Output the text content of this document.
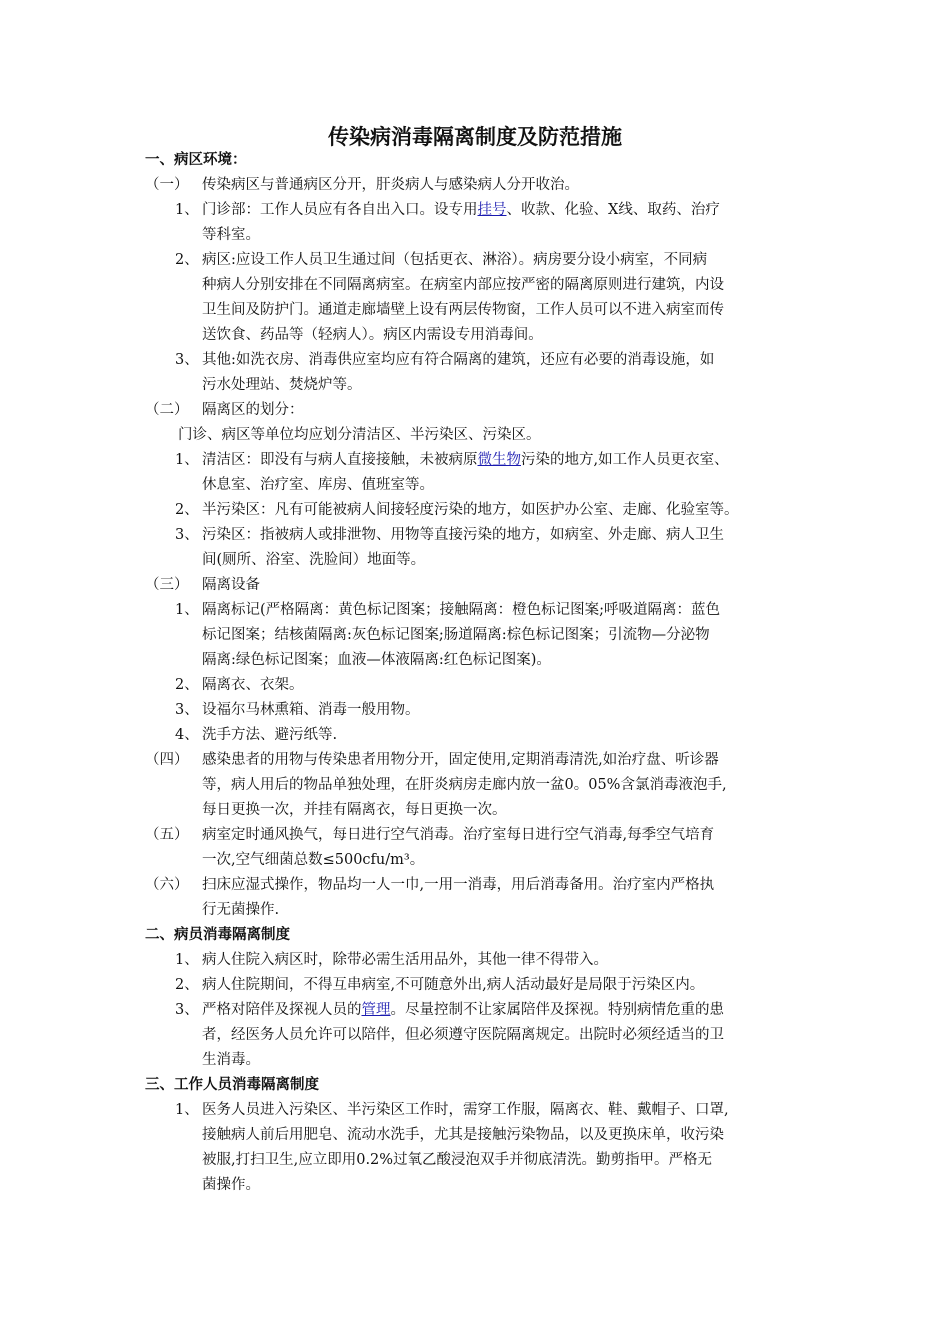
传染病消毒隔离制度及防范措施
一、病区环境：
（一） 传染病区与普通病区分开，肝炎病人与感染病人分开收治。
1、 门诊部：工作人员应有各自出入口。设专用挂号、收款、化验、X线、取药、治疗
等科室。
2、 病区:应设工作人员卫生通过间（包括更衣、淋浴）。病房要分设小病室，不同病
种病人分别安排在不同隔离病室。在病室内部应按严密的隔离原则进行建筑，内设
卫生间及防护门。通道走廊墙壁上设有两层传物窗，工作人员可以不进入病室而传
送饮食、药品等（轻病人）。病区内需设专用消毒间。
3、 其他:如洗衣房、消毒供应室均应有符合隔离的建筑，还应有必要的消毒设施，如
污水处理站、焚烧炉等。
（二） 隔离区的划分：
门诊、病区等单位均应划分清洁区、半污染区、污染区。
1、 清洁区：即没有与病人直接接触，未被病原微生物污染的地方,如工作人员更衣室、
休息室、治疗室、库房、值班室等。
2、 半污染区：凡有可能被病人间接轻度污染的地方，如医护办公室、走廊、化验室等。
3、 污染区：指被病人或排泄物、用物等直接污染的地方，如病室、外走廊、病人卫生
间(厕所、浴室、洗脸间）地面等。
（三） 隔离设备
1、 隔离标记(严格隔离：黄色标记图案；接触隔离：橙色标记图案;呼吸道隔离：蓝色
标记图案；结核菌隔离:灰色标记图案;肠道隔离:棕色标记图案；引流物—分泌物
隔离:绿色标记图案；血液—体液隔离:红色标记图案)。
2、 隔离衣、衣架。
3、 设福尔马林熏箱、消毒一般用物。
4、 洗手方法、避污纸等.
（四） 感染患者的用物与传染患者用物分开，固定使用,定期消毒清洗,如治疗盘、听诊器
等，病人用后的物品单独处理，在肝炎病房走廊内放一盆0。05%含氯消毒液泡手,
每日更换一次，并挂有隔离衣，每日更换一次。
（五） 病室定时通风换气，每日进行空气消毒。治疗室每日进行空气消毒,每季空气培育
一次,空气细菌总数≤500cfu/m³。
（六） 扫床应湿式操作，物品均一人一巾,一用一消毒，用后消毒备用。治疗室内严格执
行无菌操作.
二、病员消毒隔离制度
1、 病人住院入病区时，除带必需生活用品外，其他一律不得带入。
2、 病人住院期间，不得互串病室,不可随意外出,病人活动最好是局限于污染区内。
3、 严格对陪伴及探视人员的管理。尽量控制不让家属陪伴及探视。特别病情危重的患
者，经医务人员允许可以陪伴，但必须遵守医院隔离规定。出院时必须经适当的卫
生消毒。
三、工作人员消毒隔离制度
1、 医务人员进入污染区、半污染区工作时，需穿工作服，隔离衣、鞋、戴帽子、口罩,
接触病人前后用肥皂、流动水洗手，尤其是接触污染物品，以及更换床单，收污染
被服,打扫卫生,应立即用0.2%过氧乙酸浸泡双手并彻底清洗。勤剪指甲。严格无
菌操作。
